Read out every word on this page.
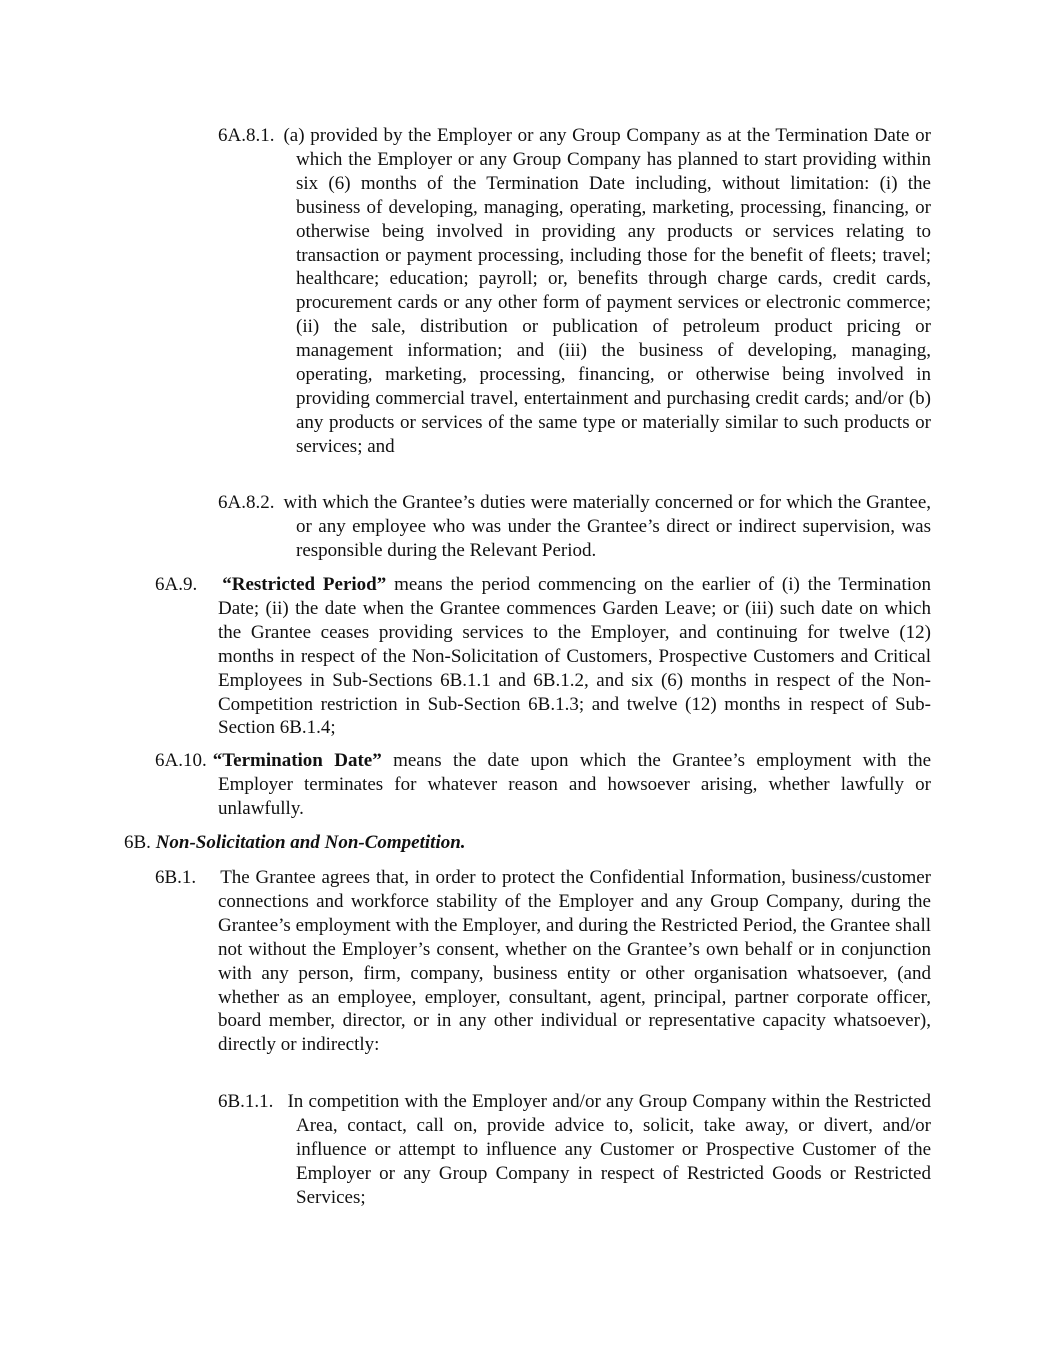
6A.8.1. (a) provided by the Employer or any Group Company as at the Termination Date or which the Employer or any Group Company has planned to start providing within six (6) months of the Termination Date including, without limitation: (i) the business of developing, managing, operating, marketing, processing, financing, or otherwise being involved in providing any products or services relating to transaction or payment processing, including those for the benefit of fleets; travel; healthcare; education; payroll; or, benefits through charge cards, credit cards, procurement cards or any other form of payment services or electronic commerce; (ii) the sale, distribution or publication of petroleum product pricing or management information; and (iii) the business of developing, managing, operating, marketing, processing, financing, or otherwise being involved in providing commercial travel, entertainment and purchasing credit cards; and/or (b) any products or services of the same type or materially similar to such products or services; and
6A.8.2. with which the Grantee’s duties were materially concerned or for which the Grantee, or any employee who was under the Grantee’s direct or indirect supervision, was responsible during the Relevant Period.
6A.9. “Restricted Period” means the period commencing on the earlier of (i) the Termination Date; (ii) the date when the Grantee commences Garden Leave; or (iii) such date on which the Grantee ceases providing services to the Employer, and continuing for twelve (12) months in respect of the Non-Solicitation of Customers, Prospective Customers and Critical Employees in Sub-Sections 6B.1.1 and 6B.1.2, and six (6) months in respect of the Non-Competition restriction in Sub-Section 6B.1.3; and twelve (12) months in respect of Sub-Section 6B.1.4;
6A.10. “Termination Date” means the date upon which the Grantee’s employment with the Employer terminates for whatever reason and howsoever arising, whether lawfully or unlawfully.
6B. Non-Solicitation and Non-Competition.
6B.1. The Grantee agrees that, in order to protect the Confidential Information, business/customer connections and workforce stability of the Employer and any Group Company, during the Grantee’s employment with the Employer, and during the Restricted Period, the Grantee shall not without the Employer’s consent, whether on the Grantee’s own behalf or in conjunction with any person, firm, company, business entity or other organisation whatsoever, (and whether as an employee, employer, consultant, agent, principal, partner corporate officer, board member, director, or in any other individual or representative capacity whatsoever), directly or indirectly:
6B.1.1. In competition with the Employer and/or any Group Company within the Restricted Area, contact, call on, provide advice to, solicit, take away, or divert, and/or influence or attempt to influence any Customer or Prospective Customer of the Employer or any Group Company in respect of Restricted Goods or Restricted Services;
